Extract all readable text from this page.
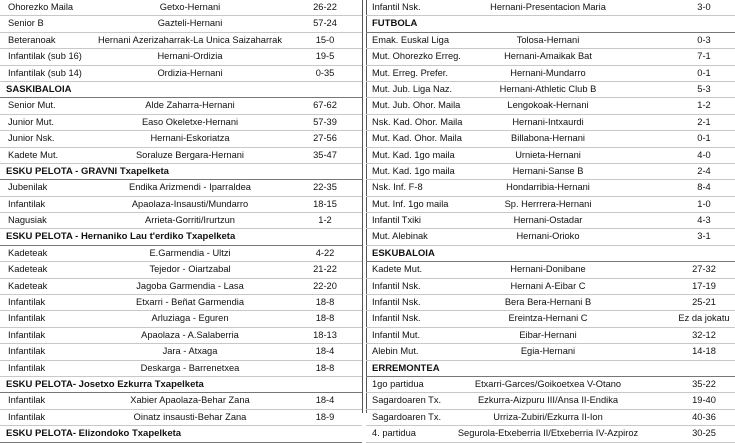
Ohorezko Maila	Getxo-Hernani	26-22
Senior B	Gazteli-Hernani	57-24
Beteranoak	Hernani Azerizaharrak-La Unica Saizaharrak	15-0
Infantilak (sub 16)	Hernani-Ordizia	19-5
Infantilak (sub 14)	Ordizia-Hernani	0-35
SASKIBALOIA
Senior Mut.	Alde Zaharra-Hernani	67-62
Junior Mut.	Easo Okeletxe-Hernani	57-39
Junior Nsk.	Hernani-Eskoriatza	27-56
Kadete Mut.	Soraluze Bergara-Hernani	35-47
ESKU PELOTA - GRAVNI Txapelketa
Jubenilak	Endika Arizmendi - Iparraldea	22-35
Infantilak	Apaolaza-Insausti/Mundarro	18-15
Nagusiak	Arrieta-Gorriti/Irurtzun	1-2
ESKU PELOTA - Hernaniko Lau t'erdiko Txapelketa
Kadeteak	E.Garmendia - Ultzi	4-22
Kadeteak	Tejedor - Oiartzabal	21-22
Kadeteak	Jagoba Garmendia - Lasa	22-20
Infantilak	Etxarri - Beñat Garmendia	18-8
Infantilak	Arluziaga - Eguren	18-8
Infantilak	Apaolaza - A.Salaberria	18-13
Infantilak	Jara - Atxaga	18-4
Infantilak	Deskarga - Barrenetxea	18-8
ESKU PELOTA- Josetxo Ezkurra Txapelketa
Infantilak	Xabier Apaolaza-Behar Zana	18-4
Infantilak	Oinatz insausti-Behar Zana	18-9
ESKU PELOTA- Elizondoko Txapelketa
Infantil Nsk.	Hernani-Presentacion Maria	3-0
FUTBOLA
Emak. Euskal Liga	Tolosa-Hernani	0-3
Mut. Ohorezko Erreg.	Hernani-Amaikak Bat	7-1
Mut. Erreg. Prefer.	Hernani-Mundarro	0-1
Mut. Jub. Liga Naz.	Hernani-Athletic Club B	5-3
Mut. Jub. Ohor. Maila	Lengokoak-Hernani	1-2
Nsk. Kad. Ohor. Maila	Hernani-Intxaurdi	2-1
Mut. Kad. Ohor. Maila	Billabona-Hernani	0-1
Mut. Kad. 1go maila	Urnieta-Hernani	4-0
Mut. Kad. 1go maila	Hernani-Sanse B	2-4
Nsk. Inf. F-8	Hondarribia-Hernani	8-4
Mut. Inf. 1go maila	Sp. Herrrera-Hernani	1-0
Infantil Txiki	Hernani-Ostadar	4-3
Mut. Alebinak	Hernani-Orioko	3-1
ESKUBALOIA
Kadete Mut.	Hernani-Donibane	27-32
Infantil Nsk.	Hernani A-Eibar C	17-19
Infantil Nsk.	Bera Bera-Hernani B	25-21
Infantil Nsk.	Ereintza-Hernani C	Ez da jokatu
Infantil Mut.	Eibar-Hernani	32-12
Alebin Mut.	Egia-Hernani	14-18
ERREMONTEA
1go partidua	Etxarri-Garces/Goikoetxea V-Otano	35-22
Sagardoaren Tx.	Ezkurra-Aizpuru III/Ansa II-Endika	19-40
Sagardoaren Tx.	Urriza-Zubiri/Ezkurra II-Ion	40-36
4. partidua	Segurola-Etxeberria II/Etxeberria IV-Azpiroz	30-25
